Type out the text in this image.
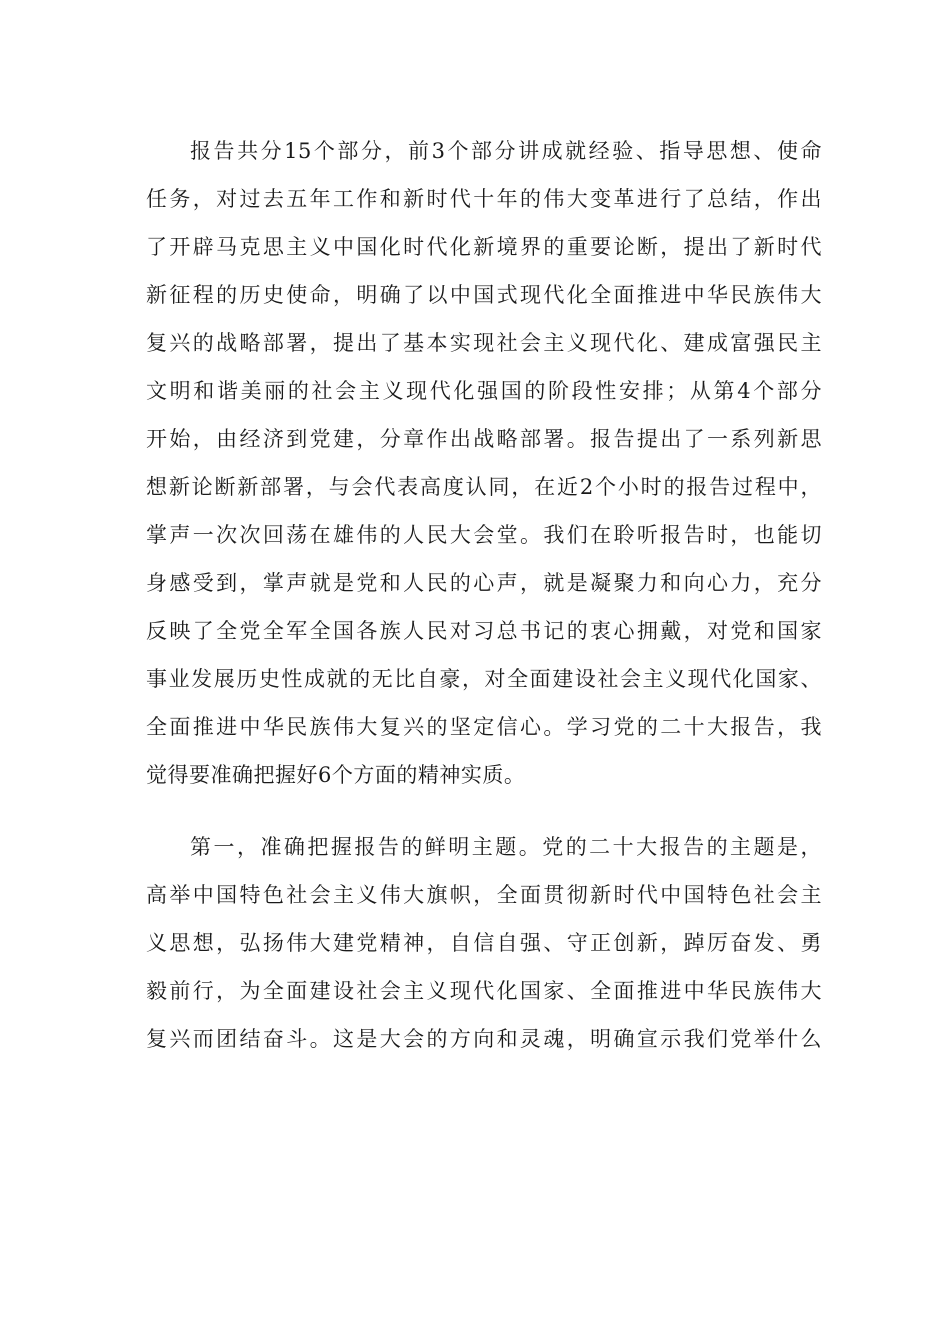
报告共分15个部分，前3个部分讲成就经验、指导思想、使命
任务，对过去五年工作和新时代十年的伟大变革进行了总结，作出
了开辟马克思主义中国化时代化新境界的重要论断，提出了新时代
新征程的历史使命，明确了以中国式现代化全面推进中华民族伟大
复兴的战略部署，提出了基本实现社会主义现代化、建成富强民主
文明和谐美丽的社会主义现代化强国的阶段性安排；从第4个部分
开始，由经济到党建，分章作出战略部署。报告提出了一系列新思
想新论断新部署，与会代表高度认同，在近2个小时的报告过程中，
掌声一次次回荡在雄伟的人民大会堂。我们在聆听报告时，也能切
身感受到，掌声就是党和人民的心声，就是凝聚力和向心力，充分
反映了全党全军全国各族人民对习总书记的衷心拥戴，对党和国家
事业发展历史性成就的无比自豪，对全面建设社会主义现代化国家、
全面推进中华民族伟大复兴的坚定信心。学习党的二十大报告，我
觉得要准确把握好6个方面的精神实质。
第一，准确把握报告的鲜明主题。党的二十大报告的主题是，
高举中国特色社会主义伟大旗帜，全面贯彻新时代中国特色社会主
义思想，弘扬伟大建党精神，自信自强、守正创新，踔厉奋发、勇
毅前行，为全面建设社会主义现代化国家、全面推进中华民族伟大
复兴而团结奋斗。这是大会的方向和灵魂，明确宣示我们党举什么
